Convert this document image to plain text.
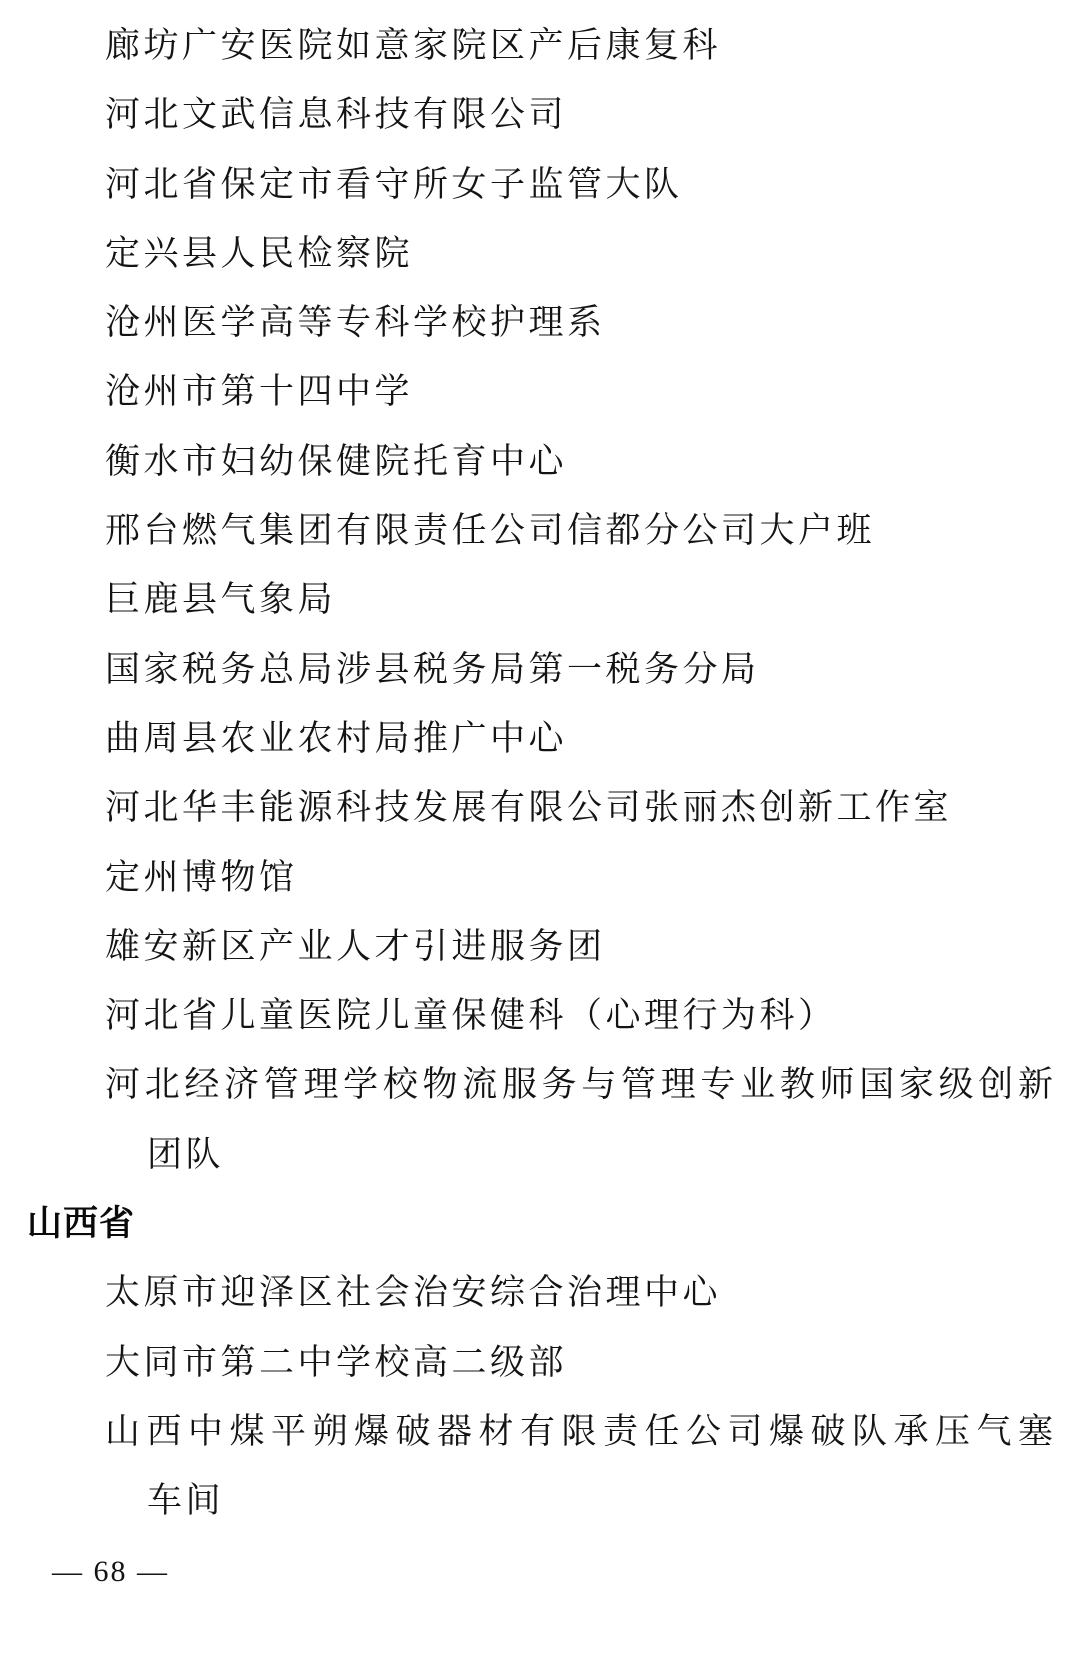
廊坊广安医院如意家院区产后康复科
河北文武信息科技有限公司
河北省保定市看守所女子监管大队
定兴县人民检察院
沧州医学高等专科学校护理系
沧州市第十四中学
衡水市妇幼保健院托育中心
邢台燃气集团有限责任公司信都分公司大户班
巨鹿县气象局
国家税务总局涉县税务局第一税务分局
曲周县农业农村局推广中心
河北华丰能源科技发展有限公司张丽杰创新工作室
定州博物馆
雄安新区产业人才引进服务团
河北省儿童医院儿童保健科（心理行为科）
河北经济管理学校物流服务与管理专业教师国家级创新
团队
山西省
太原市迎泽区社会治安综合治理中心
大同市第二中学校高二级部
山西中煤平朔爆破器材有限责任公司爆破队承压气塞
车间
— 68 —
